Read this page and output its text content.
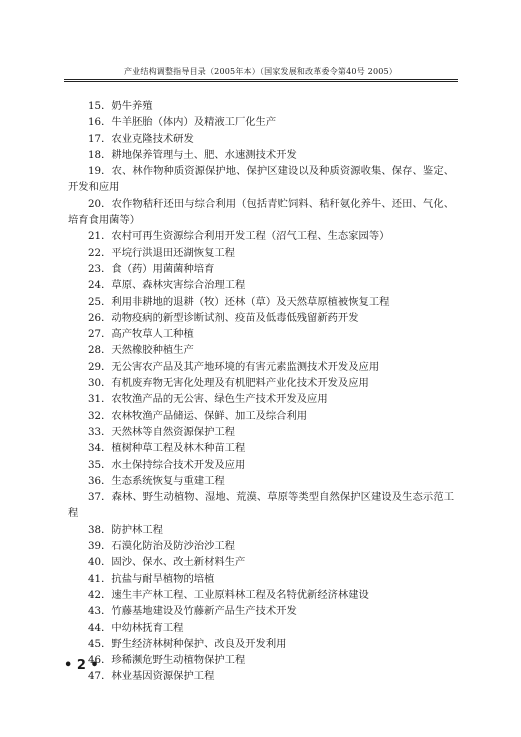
产业结构调整指导目录（2005年本）（国家发展和改革委令第40号 2005）
15．奶牛养殖
16．牛羊胚胎（体内）及精液工厂化生产
17．农业克隆技术研发
18．耕地保养管理与土、肥、水速测技术开发
19．农、林作物种质资源保护地、保护区建设以及种质资源收集、保存、鉴定、开发和应用
20．农作物秸秆还田与综合利用（包括青贮饲料、秸秆氨化养牛、还田、气化、培育食用菌等）
21．农村可再生资源综合利用开发工程（沼气工程、生态家园等）
22．平垸行洪退田还湖恢复工程
23．食（药）用菌菌种培育
24．草原、森林灾害综合治理工程
25．利用非耕地的退耕（牧）还林（草）及天然草原植被恢复工程
26．动物疫病的新型诊断试剂、疫苗及低毒低残留新药开发
27．高产牧草人工种植
28．天然橡胶种植生产
29．无公害农产品及其产地环境的有害元素监测技术开发及应用
30．有机废弃物无害化处理及有机肥料产业化技术开发及应用
31．农牧渔产品的无公害、绿色生产技术开发及应用
32．农林牧渔产品储运、保鲜、加工及综合利用
33．天然林等自然资源保护工程
34．植树种草工程及林木种苗工程
35．水土保持综合技术开发及应用
36．生态系统恢复与重建工程
37．森林、野生动植物、湿地、荒漠、草原等类型自然保护区建设及生态示范工程
38．防护林工程
39．石漠化防治及防沙治沙工程
40．固沙、保水、改土新材料生产
41．抗盐与耐旱植物的培植
42．速生丰产林工程、工业原料林工程及名特优新经济林建设
43．竹藤基地建设及竹藤新产品生产技术开发
44．中幼林抚育工程
45．野生经济林树种保护、改良及开发利用
46．珍稀濒危野生动植物保护工程
47．林业基因资源保护工程
• 2 •
